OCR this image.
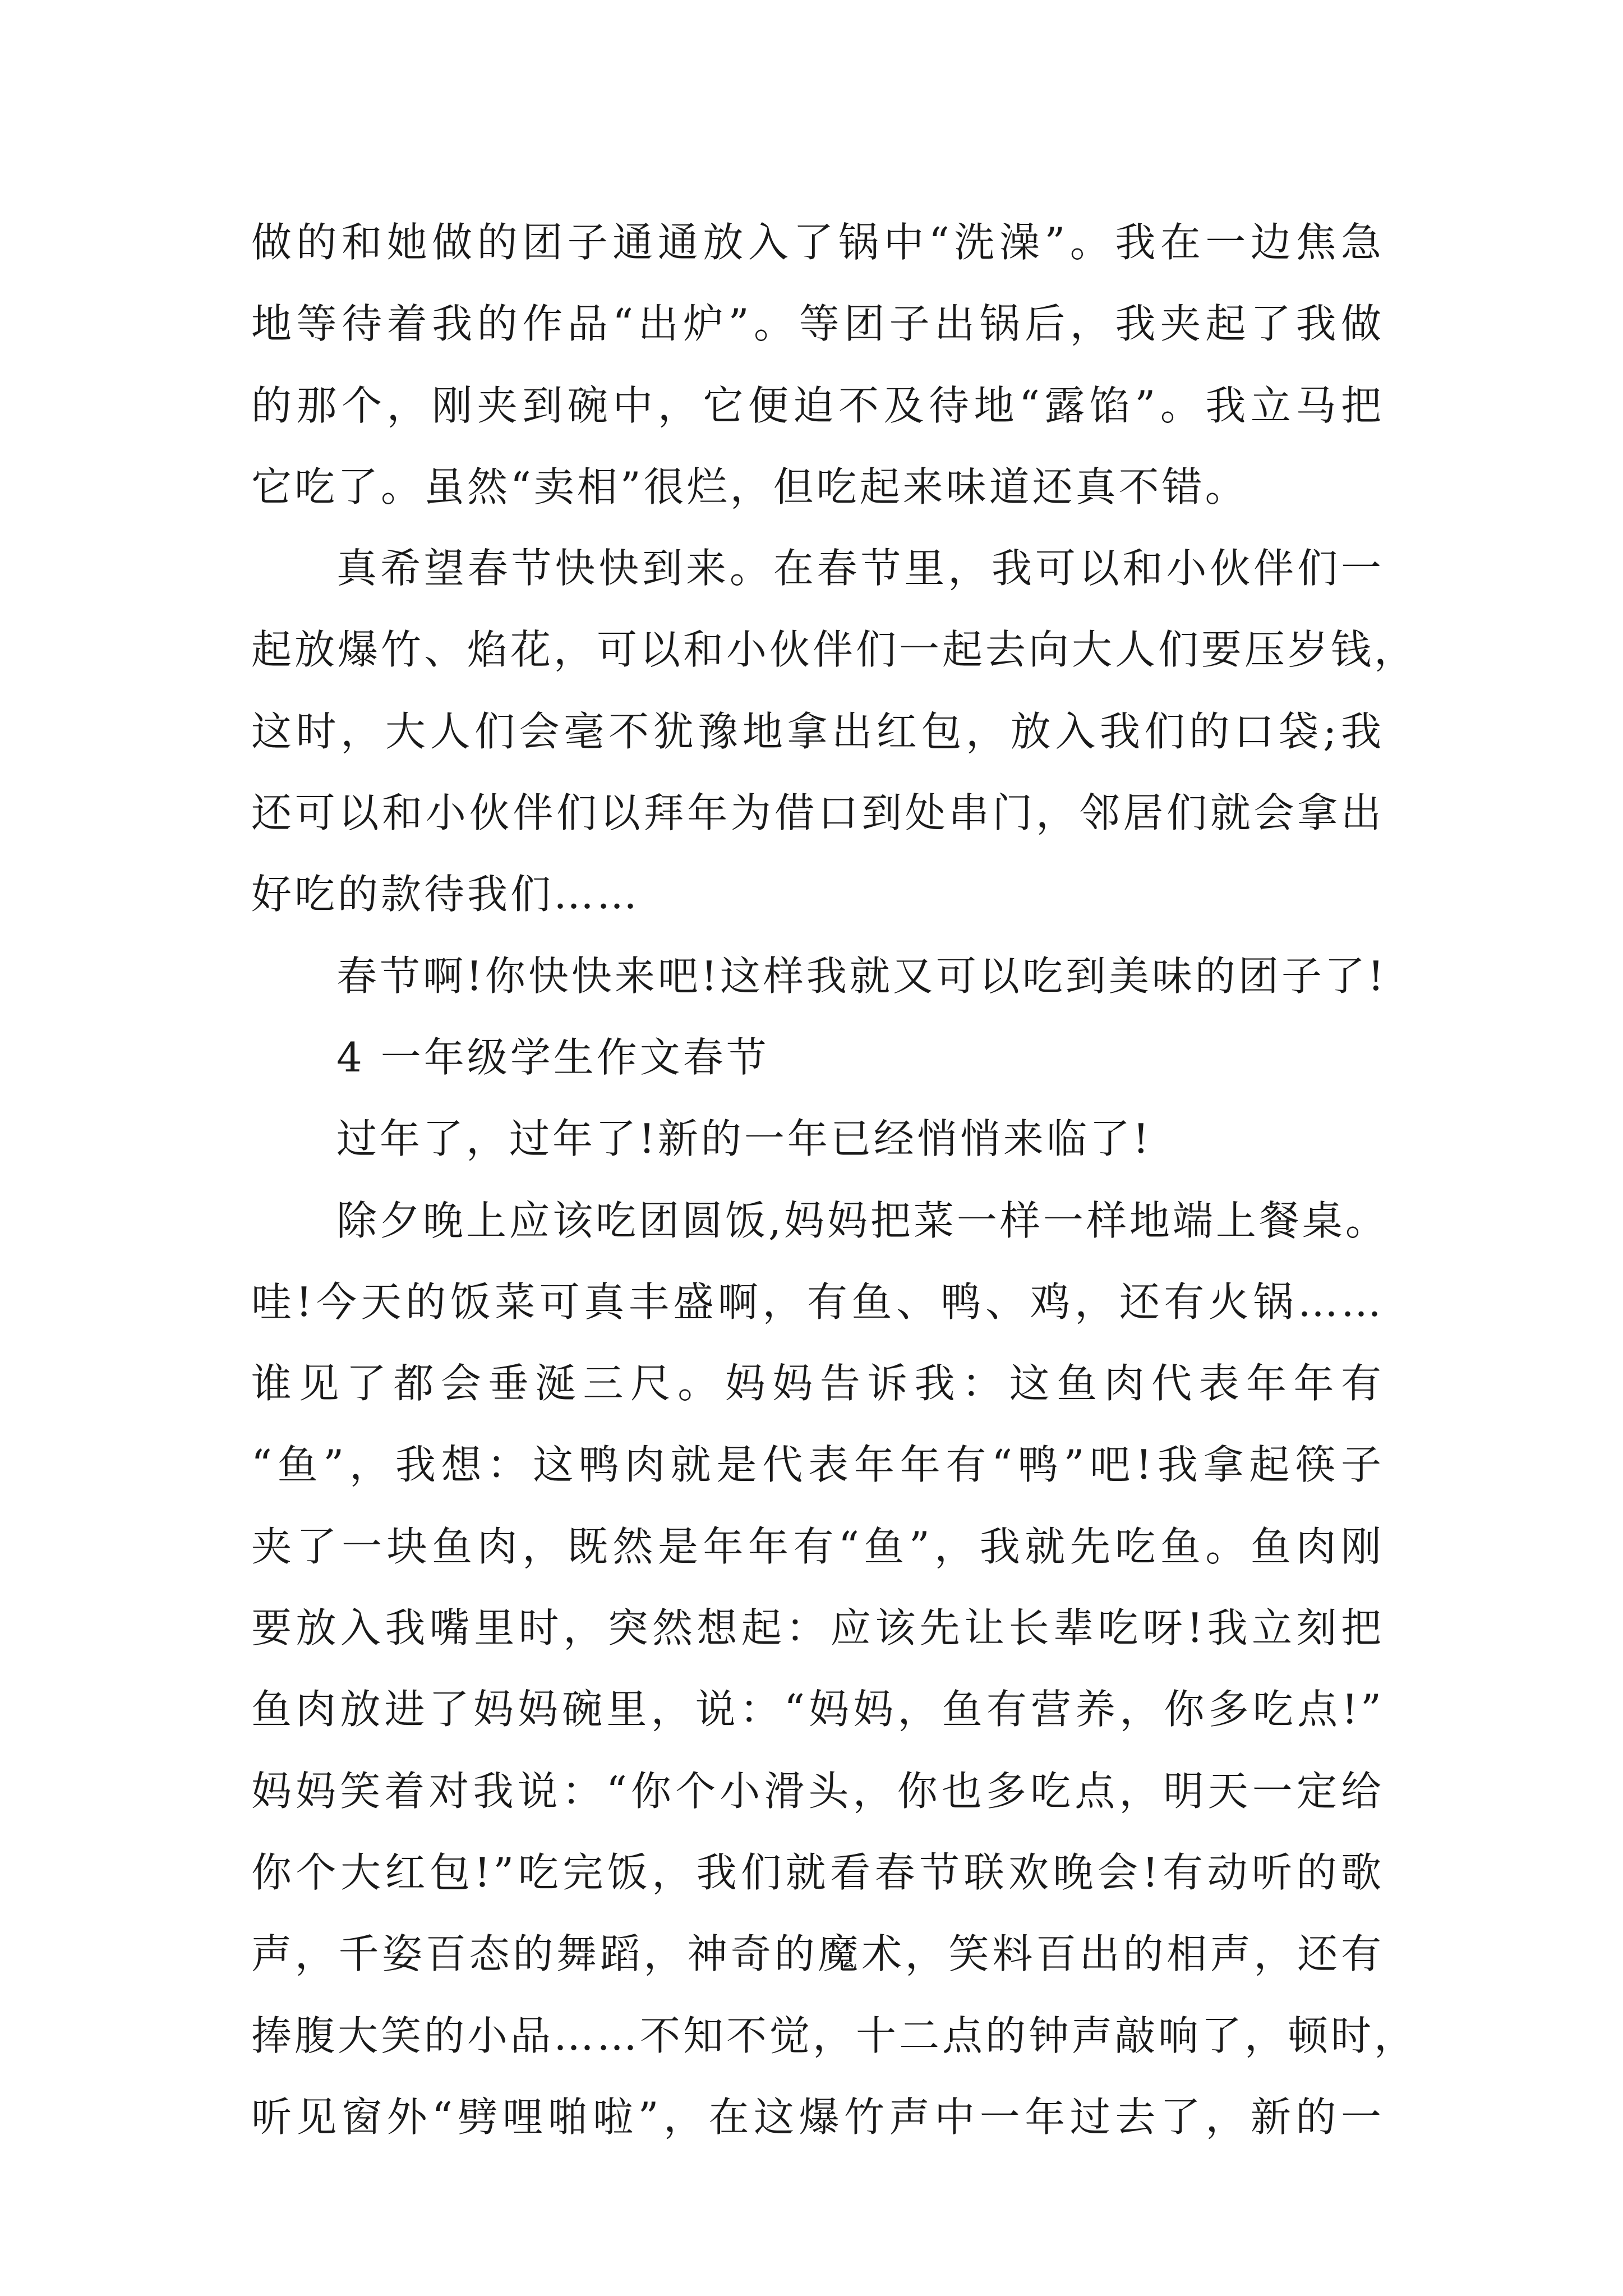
做的和她做的团子通通放入了锅中“洗澡”。我在一边焦急
地等待着我的作品“出炉”。等团子出锅后，我夹起了我做
的那个，刚夹到碗中，它便迫不及待地“露馅”。我立马把
它吃了。虽然“卖相”很烂，但吃起来味道还真不错。
真希望春节快快到来。在春节里，我可以和小伙伴们一
起放爆竹、焰花，可以和小伙伴们一起去向大人们要压岁钱，
这时，大人们会毫不犹豫地拿出红包，放入我们的口袋;我
还可以和小伙伴们以拜年为借口到处串门，邻居们就会拿出
好吃的款待我们……
春节啊!你快快来吧!这样我就又可以吃到美味的团子了!
4 一年级学生作文春节
过年了，过年了!新的一年已经悄悄来临了!
除夕晚上应该吃团圆饭,妈妈把菜一样一样地端上餐桌。
哇!今天的饭菜可真丰盛啊，有鱼、鸭、鸡，还有火锅……
谁见了都会垂涎三尺。妈妈告诉我：这鱼肉代表年年有
“鱼”，我想：这鸭肉就是代表年年有“鸭”吧!我拿起筷子
夹了一块鱼肉，既然是年年有“鱼”，我就先吃鱼。鱼肉刚
要放入我嘴里时，突然想起：应该先让长辈吃呀!我立刻把
鱼肉放进了妈妈碗里，说：“妈妈，鱼有营养，你多吃点!”
妈妈笑着对我说：“你个小滑头，你也多吃点，明天一定给
你个大红包!”吃完饭，我们就看春节联欢晚会!有动听的歌
声，千姿百态的舞蹈，神奇的魔术，笑料百出的相声，还有
捧腹大笑的小品……不知不觉，十二点的钟声敲响了，顿时，
听见窗外“劈哩啪啦”，在这爆竹声中一年过去了，新的一
